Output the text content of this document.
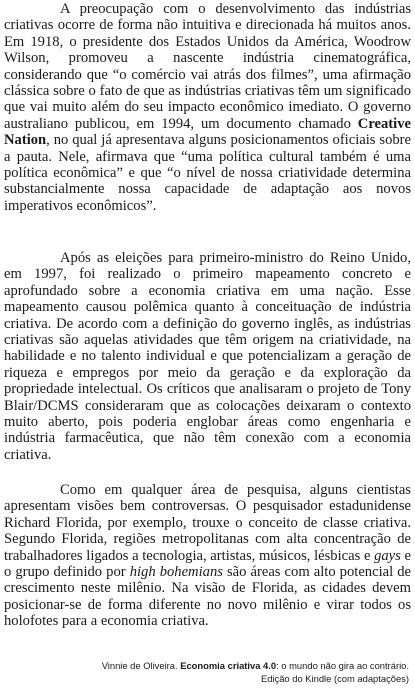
A preocupação com o desenvolvimento das indústrias criativas ocorre de forma não intuitiva e direcionada há muitos anos. Em 1918, o presidente dos Estados Unidos da América, Woodrow Wilson, promoveu a nascente indústria cinematográfica, considerando que “o comércio vai atrás dos filmes”, uma afirmação clássica sobre o fato de que as indústrias criativas têm um significado que vai muito além do seu impacto econômico imediato. O governo australiano publicou, em 1994, um documento chamado Creative Nation, no qual já apresentava alguns posicionamentos oficiais sobre a pauta. Nele, afirmava que “uma política cultural também é uma política econômica” e que “o nível de nossa criatividade determina substancialmente nossa capacidade de adaptação aos novos imperativos econômicos”.

Após as eleições para primeiro-ministro do Reino Unido, em 1997, foi realizado o primeiro mapeamento concreto e aprofundado sobre a economia criativa em uma nação. Esse mapeamento causou polêmica quanto à conceituação de indústria criativa. De acordo com a definição do governo inglês, as indústrias criativas são aquelas atividades que têm origem na criatividade, na habilidade e no talento individual e que potencializam a geração de riqueza e empregos por meio da geração e da exploração da propriedade intelectual. Os críticos que analisaram o projeto de Tony Blair/DCMS consideraram que as colocações deixaram o contexto muito aberto, pois poderia englobar áreas como engenharia e indústria farmacêutica, que não têm conexão com a economia criativa.

Como em qualquer área de pesquisa, alguns cientistas apresentam visões bem controversas. O pesquisador estadunidense Richard Florida, por exemplo, trouxe o conceito de classe criativa. Segundo Florida, regiões metropolitanas com alta concentração de trabalhadores ligados a tecnologia, artistas, músicos, lésbicas e gays e o grupo definido por high bohemians são áreas com alto potencial de crescimento neste milênio. Na visão de Florida, as cidades devem posicionar-se de forma diferente no novo milênio e virar todos os holofotes para a economia criativa.

Vinnie de Oliveira. Economia criativa 4.0: o mundo não gira ao contrário.
Edição do Kindle (com adaptações)
